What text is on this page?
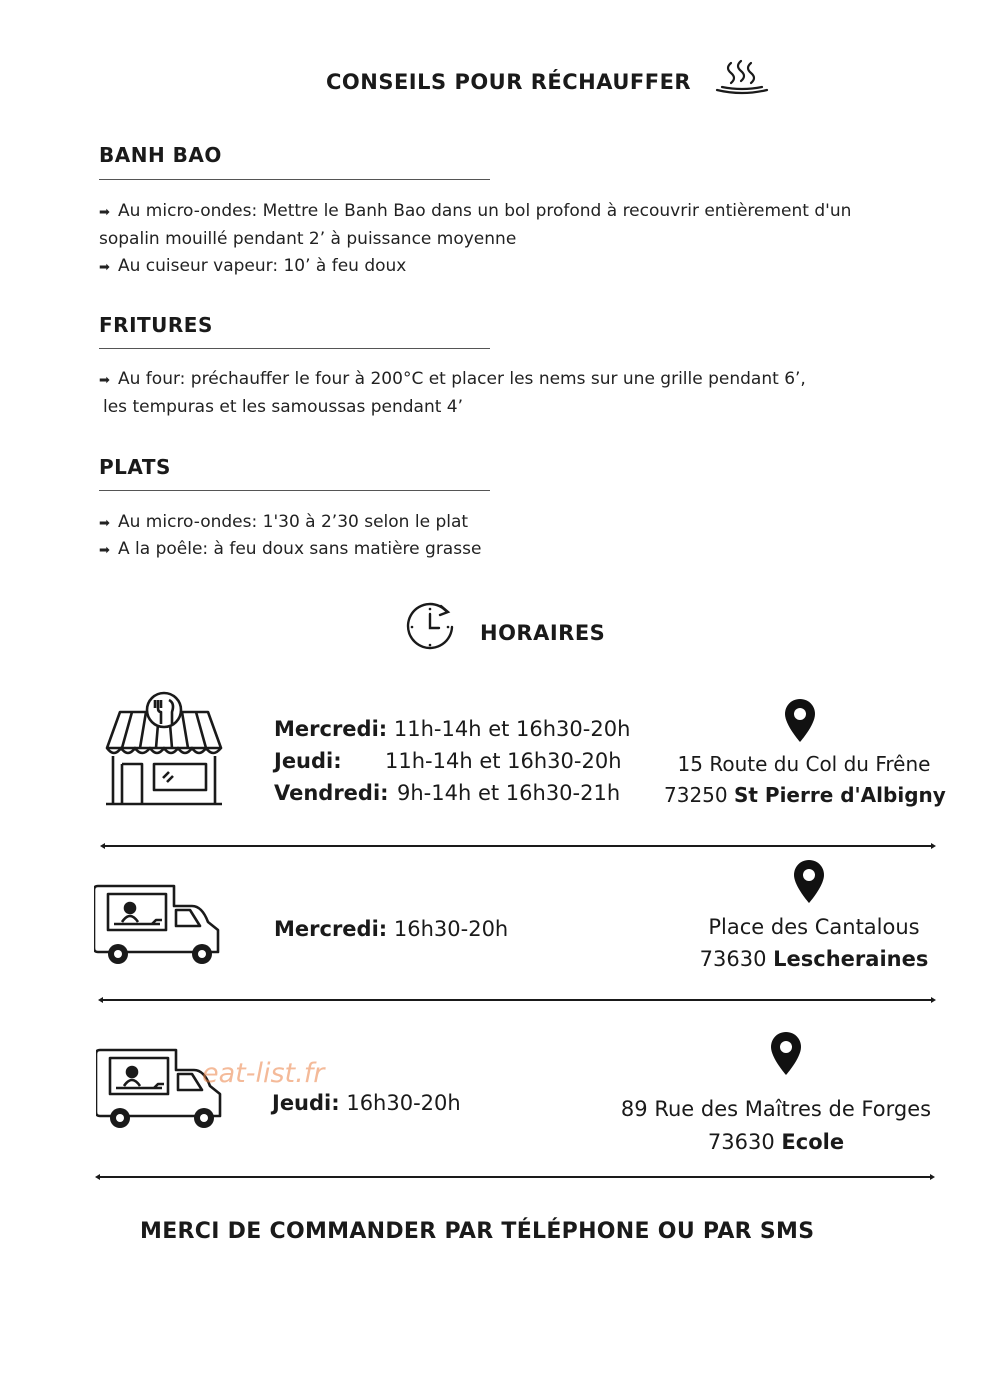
CONSEILS POUR RÉCHAUFFER
BANH BAO
➡ Au micro-ondes: Mettre le Banh Bao dans un bol profond à recouvrir entièrement d'un
sopalin mouillé pendant 2’ à puissance moyenne
➡ Au cuiseur vapeur: 10’ à feu doux
FRITURES
➡ Au four: préchauffer le four à 200°C et placer les nems sur une grille pendant 6’,
les tempuras et les samoussas pendant 4’
PLATS
➡ Au micro-ondes: 1'30 à 2’30 selon le plat
➡ A la poêle: à feu doux sans matière grasse
HORAIRES
Mercredi: 11h-14h et 16h30-20h
Jeudi: 11h-14h et 16h30-20h
Vendredi: 9h-14h et 16h30-21h
15 Route du Col du Frêne
73250 St Pierre d'Albigny
Mercredi: 16h30-20h	Place des Cantalous
73630 Lescheraines
eat-list.fr
Jeudi: 16h30-20h	89 Rue des Maîtres de Forges
73630 Ecole
MERCI DE COMMANDER PAR TÉLÉPHONE OU PAR SMS
